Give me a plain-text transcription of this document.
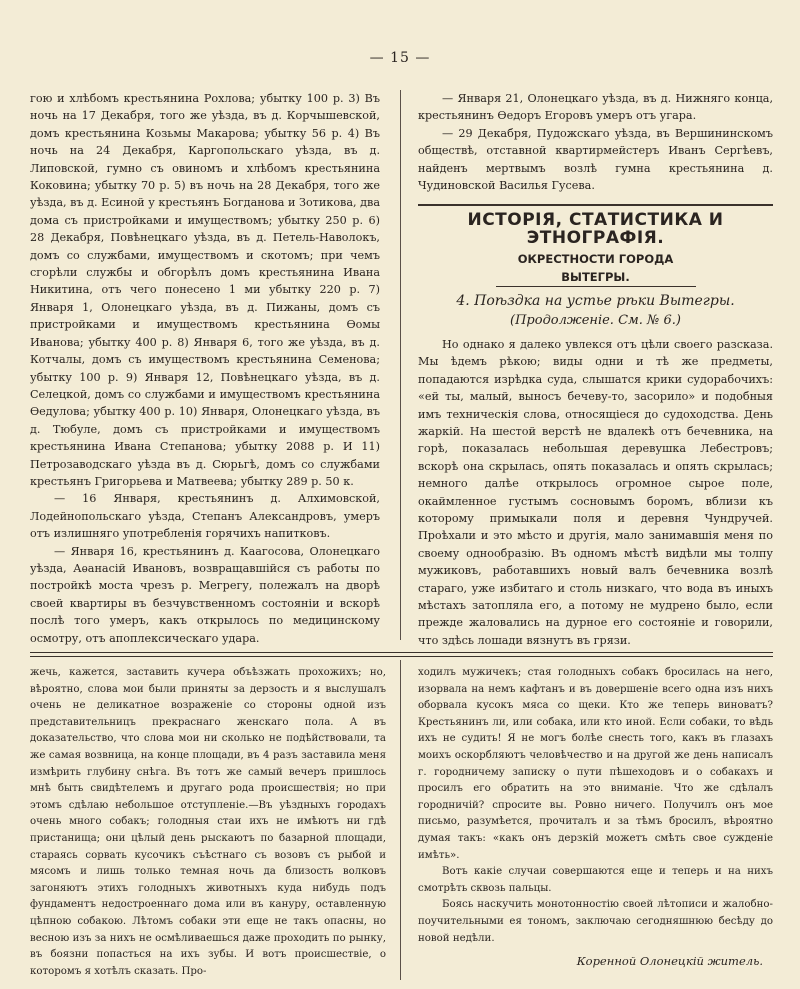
— 15 —

гою и хлѣбомъ крестьянина Рохлова; убытку 100 р. 3) Въ ночь на 17 Декабря, того же уѣзда, въ д. Корчышевской, домъ крестьянина Козьмы Макарова; убытку 56 р. 4) Въ ночь на 24 Декабря, Каргопольскаго уѣзда, въ д. Липовской, гумно съ овиномъ и хлѣбомъ крестьянина Коковина; убытку 70 р. 5) въ ночь на 28 Декабря, того же уѣзда, въ д. Есиной у крестьянъ Богданова и Зотикова, два дома съ пристройками и имуществомъ; убытку 250 р. 6) 28 Декабря, Повѣнецкаго уѣзда, въ д. Петель-Наволокъ, домъ со службами, имуществомъ и скотомъ; при чемъ сгорѣли службы и обгорѣлъ домъ крестьянина Ивана Никитина, отъ чего понесено 1 ми убытку 220 р. 7) Января 1, Олонецкаго уѣзда, въ д. Пижаны, домъ съ пристройками и имуществомъ крестьянина Ѳомы Иванова; убытку 400 р. 8) Января 6, того же уѣзда, въ д. Котчалы, домъ съ имуществомъ крестьянина Семенова; убытку 100 р. 9) Января 12, Повѣнецкаго уѣзда, въ д. Селецкой, домъ со службами и имуществомъ крестьянина Ѳедулова; убытку 400 р. 10) Января, Олонецкаго уѣзда, въ д. Тюбуле, домъ съ пристройками и имуществомъ крестьянина Ивана Степанова; убытку 2088 р. И 11) Петрозаводскаго уѣзда въ д. Сюрьгѣ, домъ со службами крестьянъ Григорьева и Матвеева; убытку 289 р. 50 к.

— 16 Января, крестьянинъ д. Алхимовской, Лодейнопольскаго уѣзда, Степанъ Александровъ, умеръ отъ излишняго употребленія горячихъ напитковъ.

— Января 16, крестьянинъ д. Каагосова, Олонецкаго уѣзда, Аѳанасій Ивановъ, возвращавшійся съ работы по постройкѣ моста чрезъ р. Мегрегу, полежалъ на дворѣ своей квартиры въ безчувственномъ состояніи и вскорѣ послѣ того умеръ, какъ открылось по медицинскому осмотру, отъ апоплексическаго удара.

— Января 21, Олонецкаго уѣзда, въ д. Нижняго конца, крестьянинъ Ѳедоръ Егоровъ умеръ отъ угара.

— 29 Декабря, Пудожскаго уѣзда, въ Вершининскомъ обществѣ, отставной квартирмейстеръ Иванъ Сергѣевъ, найденъ мертвымъ возлѣ гумна крестьянина д. Чудиновской Василья Гусева.

ИСТОРІЯ, СТАТИСТИКА И ЭТНОГРАФІЯ.
ОКРЕСТНОСТИ ГОРОДА ВЫТЕГРЫ.
4. Поѣздка на устье рѣки Вытегры.
(Продолженіе. См. № 6.)

Но однако я далеко увлекся отъ цѣли своего разсказа. Мы ѣдемъ рѣкою; виды одни и тѣ же предметы, попадаются изрѣдка суда, слышатся крики судорабочихъ: «ей ты, малый, выносъ бечеву-то, засорило» и подобныя имъ техническія слова, относящіеся до судоходства. День жаркій. На шестой верстѣ не вдалекѣ отъ бечевника, на горѣ, показалась небольшая деревушка Лебестровъ; вскорѣ она скрылась, опять показалась и опять скрылась; немного далѣе открылось огромное сырое поле, окаймленное густымъ сосновымъ боромъ, вблизи къ которому примыкали поля и деревня Чундручей. Проѣхали и это мѣсто и другія, мало занимавшія меня по своему однообразію. Въ одномъ мѣстѣ видѣли мы толпу мужиковъ, работавшихъ новый валъ бечевника возлѣ стараго, уже избитаго и столь низкаго, что вода въ иныхъ мѣстахъ затопляла его, а потому не мудрено было, если прежде жаловались на дурное его состояніе и говорили, что здѣсь лошади вязнутъ въ грязи.

жечь, кажется, заставить кучера объѣзжать прохожихъ; но, вѣроятно, слова мои были приняты за дерзость и я выслушалъ очень не деликатное возраженіе со стороны одной изъ представительницъ прекраснаго женскаго пола. А въ доказательство, что слова мои ни сколько не подѣйствовали, та же самая возвница, на конце площади, въ 4 разъ заставила меня измѣрить глубину снѣга. Въ тотъ же самый вечеръ пришлось мнѣ быть свидѣтелемъ и другаго рода происшествія; но при этомъ сдѣлаю небольшое отступленіе.—Въ уѣздныхъ городахъ очень много собакъ; голодныя стаи ихъ не имѣютъ ни гдѣ пристанища; они цѣлый день рыскаютъ по базарной площади, стараясь сорвать кусочикъ съѣстнаго съ возовъ съ рыбой и мясомъ и лишь только темная ночь да близость волковъ загоняютъ этихъ голодныхъ животныхъ куда нибудь подъ фундаментъ недостроеннаго дома или въ кануру, оставленную цѣпною собакою. Лѣтомъ собаки эти еще не такъ опасны, но весною изъ за нихъ не осмѣливаешься даже проходить по рынку, въ боязни попасться на ихъ зубы. И вотъ происшествіе, о которомъ я хотѣлъ сказать. Про-

ходилъ мужичекъ; стая голодныхъ собакъ бросилась на него, изорвала на немъ кафтанъ и въ довершеніе всего одна изъ нихъ оборвала кусокъ мяса со щеки. Кто же теперь виноватъ? Крестьянинъ ли, или собака, или кто иной. Если собаки, то вѣдь ихъ не судить! Я не могъ болѣе снесть того, какъ въ глазахъ моихъ оскорбляютъ человѣчество и на другой же день написалъ г. городничему записку о пути пѣшеходовъ и о собакахъ и просилъ его обратить на это вниманіе. Что же сдѣлалъ городничій? спросите вы. Ровно ничего. Получилъ онъ мое письмо, разумѣется, прочиталъ и за тѣмъ бросилъ, вѣроятно думая такъ: «какъ онъ дерзкій можетъ смѣть свое сужденіе имѣть».

Вотъ какіе случаи совершаются еще и теперь и на нихъ смотрѣть сквозь пальцы.

Боясь наскучить монотонностію своей лѣтописи и жалобно-поучительными ея тономъ, заключаю сегодняшнюю бесѣду до новой недѣли.

Коренной Олонецкій житель.
